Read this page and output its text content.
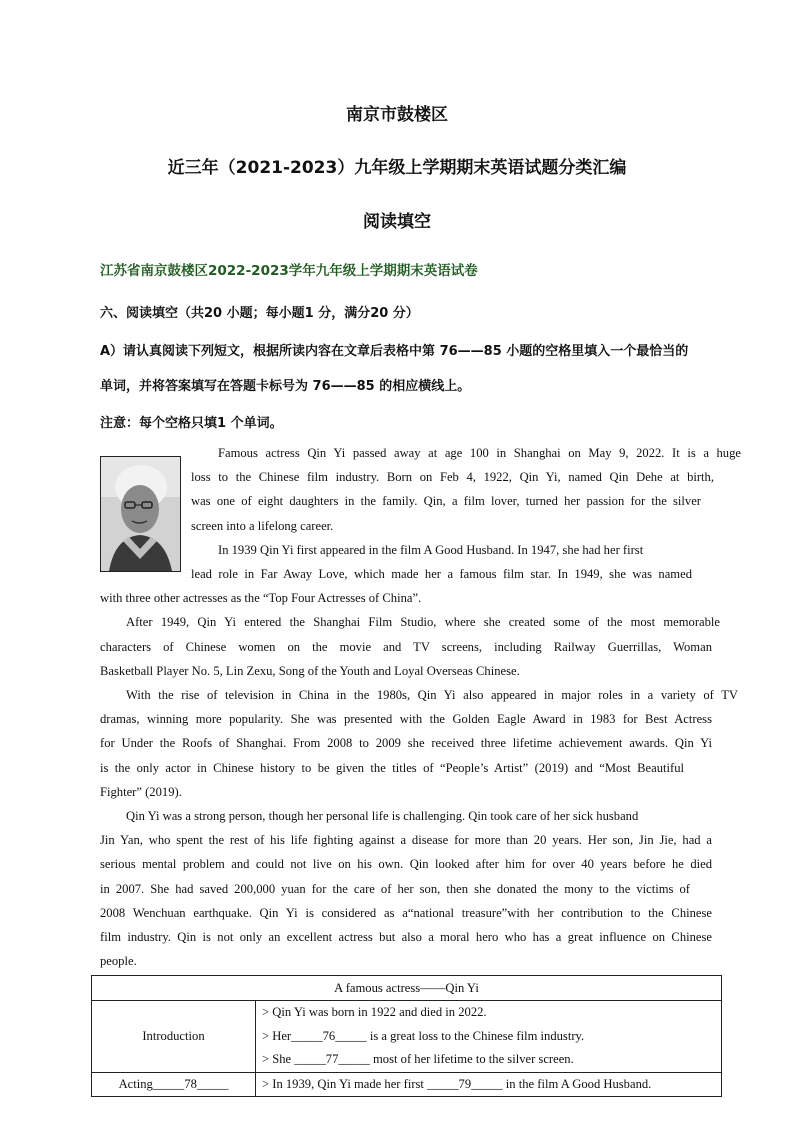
南京市鼓楼区
近三年（2021-2023）九年级上学期期末英语试题分类汇编
阅读填空
江苏省南京鼓楼区2022-2023学年九年级上学期期末英语试卷
六、阅读填空（共20 小题；每小题1 分，满分20 分）
A）请认真阅读下列短文，根据所读内容在文章后表格中第 76——85 小题的空格里填入一个最恰当的
单词，并将答案填写在答题卡标号为 76——85 的相应横线上。
注意：每个空格只填1 个单词。
Famous actress Qin Yi passed away at age 100 in Shanghai on May 9, 2022. It is a huge
loss to the Chinese film industry. Born on Feb 4, 1922, Qin Yi, named Qin Dehe at birth,
was one of eight daughters in the family. Qin, a film lover, turned her passion for the silver
screen into a lifelong career.
In 1939 Qin Yi first appeared in the film A Good Husband. In 1947, she had her first
lead role in Far Away Love, which made her a famous film star. In 1949, she was named
with three other actresses as the “Top Four Actresses of China”.
After 1949, Qin Yi entered the Shanghai Film Studio, where she created some of the most memorable
characters of Chinese women on the movie and TV screens, including Railway Guerrillas, Woman
Basketball Player No. 5, Lin Zexu, Song of the Youth and Loyal Overseas Chinese.
With the rise of television in China in the 1980s, Qin Yi also appeared in major roles in a variety of TV
dramas, winning more popularity. She was presented with the Golden Eagle Award in 1983 for Best Actress
for Under the Roofs of Shanghai. From 2008 to 2009 she received three lifetime achievement awards. Qin Yi
is the only actor in Chinese history to be given the titles of “People’s Artist” (2019) and “Most Beautiful
Fighter” (2019).
Qin Yi was a strong person, though her personal life is challenging. Qin took care of her sick husband
Jin Yan, who spent the rest of his life fighting against a disease for more than 20 years. Her son, Jin Jie, had a
serious mental problem and could not live on his own. Qin looked after him for over 40 years before he died
in 2007. She had saved 200,000 yuan for the care of her son, then she donated the mony to the victims of
2008 Wenchuan earthquake. Qin Yi is considered as a“national treasure”with her contribution to the Chinese
film industry. Qin is not only an excellent actress but also a moral hero who has a great influence on Chinese
people.
A famous actress——Qin Yi	
Introduction	> Qin Yi was born in 1922 and died in 2022.
> Her_____76_____ is a great loss to the Chinese film industry.
> She _____77_____ most of her lifetime to the silver screen.

Acting_____78_____	> In 1939, Qin Yi made her first _____79_____ in the film A Good Husband.
